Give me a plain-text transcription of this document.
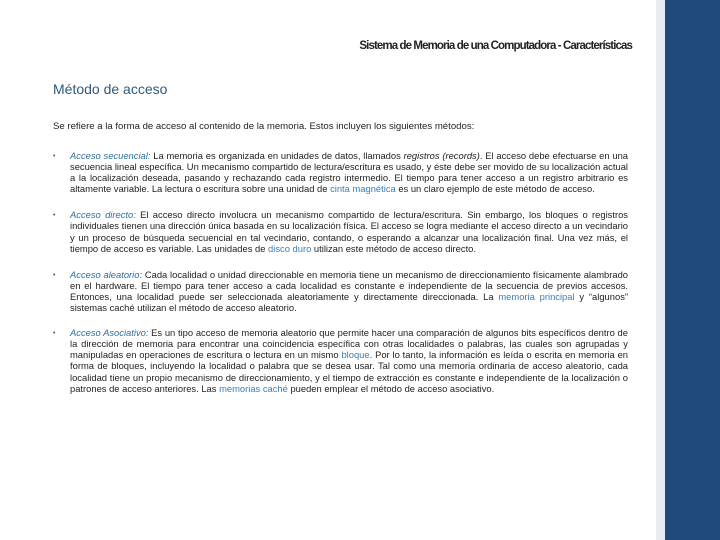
Sistema de Memoria de una Computadora - Características
Método de acceso
Se refiere a la forma de acceso al contenido de la memoria. Estos incluyen los siguientes métodos:
• Acceso secuencial: La memoria es organizada en unidades de datos, llamados registros (records). El acceso debe efectuarse en una secuencia lineal específica. Un mecanismo compartido de lectura/escritura es usado, y éste debe ser movido de su localización actual a la localización deseada, pasando y rechazando cada registro intermedio. El tiempo para tener acceso a un registro arbitrario es altamente variable. La lectura o escritura sobre una unidad de cinta magnética es un claro ejemplo de este método de acceso.
• Acceso directo: El acceso directo involucra un mecanismo compartido de lectura/escritura. Sin embargo, los bloques o registros individuales tienen una dirección única basada en su localización física. El acceso se logra mediante el acceso directo a un vecindario y un proceso de búsqueda secuencial en tal vecindario, contando, o esperando a alcanzar una localización final. Una vez más, el tiempo de acceso es variable. Las unidades de disco duro utilizan este método de acceso directo.
• Acceso aleatorio: Cada localidad o unidad direccionable en memoria tiene un mecanismo de direccionamiento físicamente alambrado en el hardware. El tiempo para tener acceso a cada localidad es constante e independiente de la secuencia de previos accesos. Entonces, una localidad puede ser seleccionada aleatoriamente y directamente direccionada. La memoria principal y “algunos” sistemas caché utilizan el método de acceso aleatorio.
• Acceso Asociativo: Es un tipo acceso de memoria aleatorio que permite hacer una comparación de algunos bits específicos dentro de la dirección de memoria para encontrar una coincidencia específica con otras localidades o palabras, las cuales son agrupadas y manipuladas en operaciones de escritura o lectura en un mismo bloque. Por lo tanto, la información es leída o escrita en memoria en forma de bloques, incluyendo la localidad o palabra que se desea usar. Tal como una memoria ordinaria de acceso aleatorio, cada localidad tiene un propio mecanismo de direccionamiento, y el tiempo de extracción es constante e independiente de la localización o patrones de acceso anteriores. Las memorias caché pueden emplear el método de acceso asociativo.
